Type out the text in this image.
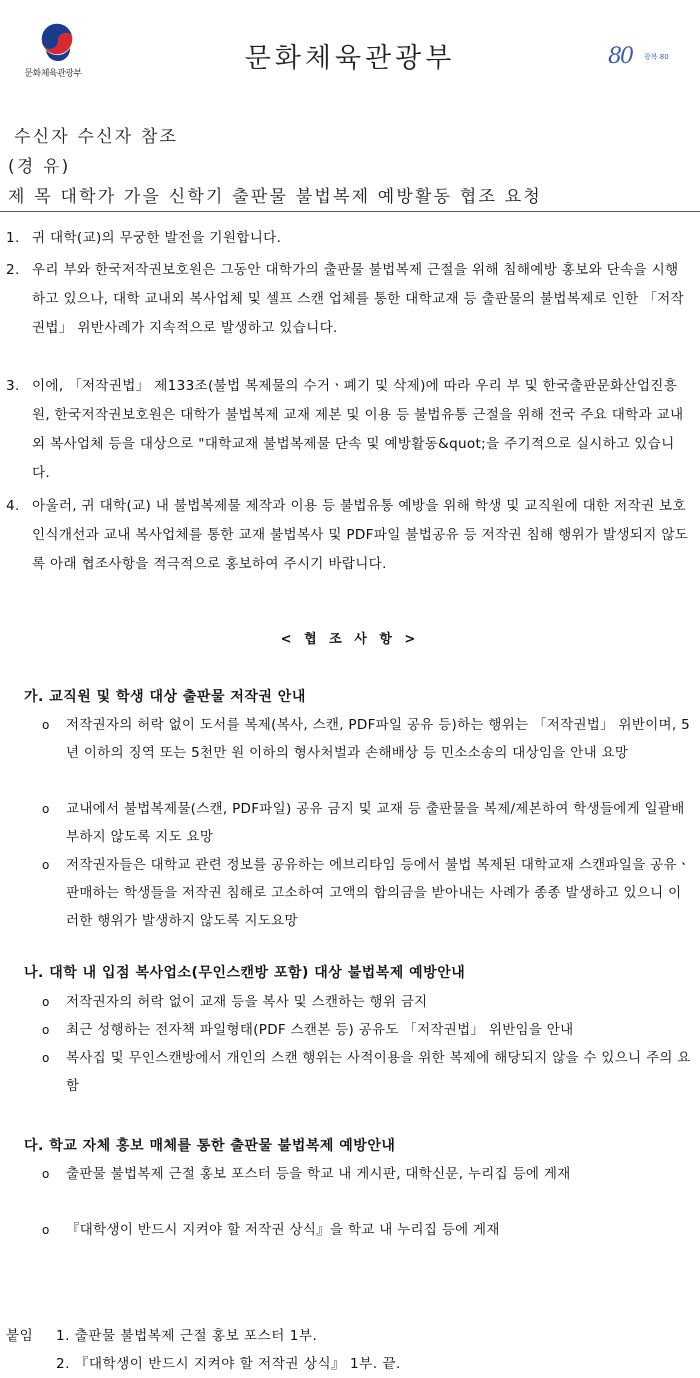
문화체육관광부	문화체육관광부	80 광복 80
수신자 수신자 참조
(경 유)
제 목 대학가 가을 신학기 출판물 불법복제 예방활동 협조 요청
1. 귀 대학(교)의 무궁한 발전을 기원합니다.
2. 우리 부와 한국저작권보호원은 그동안 대학가의 출판물 불법복제 근절을 위해 침해예방 홍보와 단속을 시행하고 있으나, 대학 교내외 복사업체 및 셀프 스캔 업체를 통한 대학교재 등 출판물의 불법복제로 인한 「저작권법」 위반사례가 지속적으로 발생하고 있습니다.
3. 이에, 「저작권법」 제133조(불법 복제물의 수거ㆍ폐기 및 삭제)에 따라 우리 부 및 한국출판문화산업진흥원, 한국저작권보호원은 대학가 불법복제 교재 제본 및 이용 등 불법유통 근절을 위해 전국 주요 대학과 교내외 복사업체 등을 대상으로 "대학교재 불법복제물 단속 및 예방활동&quot;을 주기적으로 실시하고 있습니다.
4. 아울러, 귀 대학(교) 내 불법복제물 제작과 이용 등 불법유통 예방을 위해 학생 및 교직원에 대한 저작권 보호 인식개선과 교내 복사업체를 통한 교재 불법복사 및 PDF파일 불법공유 등 저작권 침해 행위가 발생되지 않도록 아래 협조사항을 적극적으로 홍보하여 주시기 바랍니다.
< 협 조 사 항 >
가. 교직원 및 학생 대상 출판물 저작권 안내
o 저작권자의 허락 없이 도서를 복제(복사, 스캔, PDF파일 공유 등)하는 행위는 「저작권법」 위반이며, 5년 이하의 징역 또는 5천만 원 이하의 형사처벌과 손해배상 등 민소소송의 대상임을 안내 요망
o 교내에서 불법복제물(스캔, PDF파일) 공유 금지 및 교재 등 출판물을 복제/제본하여 학생들에게 일괄배부하지 않도록 지도 요망
o 저작권자들은 대학교 관련 정보를 공유하는 에브리타임 등에서 불법 복제된 대학교재 스캔파일을 공유ㆍ판매하는 학생들을 저작권 침해로 고소하여 고액의 합의금을 받아내는 사례가 종종 발생하고 있으니 이러한 행위가 발생하지 않도록 지도요망
나. 대학 내 입점 복사업소(무인스캔방 포함) 대상 불법복제 예방안내
o 저작권자의 허락 없이 교재 등을 복사 및 스캔하는 행위 금지
o 최근 성행하는 전자책 파일형태(PDF 스캔본 등) 공유도 「저작권법」 위반임을 안내
o 복사집 및 무인스캔방에서 개인의 스캔 행위는 사적이용을 위한 복제에 해당되지 않을 수 있으니 주의 요함
다. 학교 자체 홍보 매체를 통한 출판물 불법복제 예방안내
o 출판물 불법복제 근절 홍보 포스터 등을 학교 내 게시판, 대학신문, 누리집 등에 게재
o 『대학생이 반드시 지켜야 할 저작권 상식』을 학교 내 누리집 등에 게재
붙임 1. 출판물 불법복제 근절 홍보 포스터 1부.
2. 『대학생이 반드시 지켜야 할 저작권 상식』 1부. 끝.
